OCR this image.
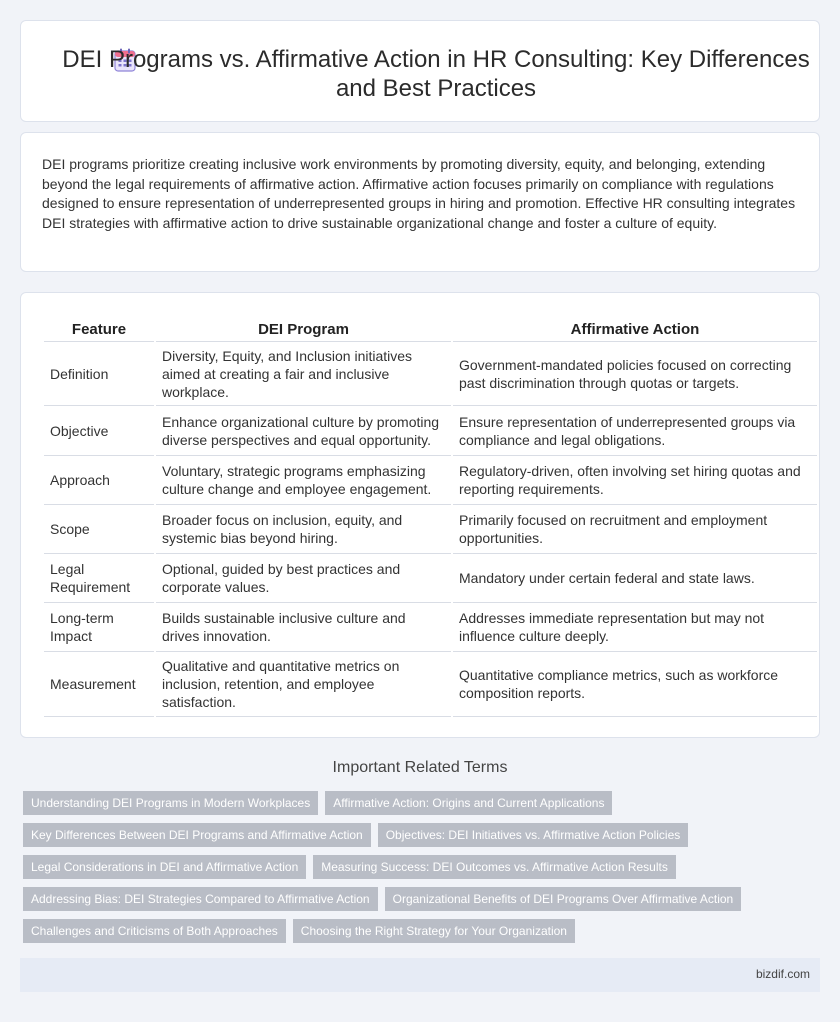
DEI Programs vs. Affirmative Action in HR Consulting: Key Differences and Best Practices

DEI programs prioritize creating inclusive work environments by promoting diversity, equity, and belonging, extending beyond the legal requirements of affirmative action. Affirmative action focuses primarily on compliance with regulations designed to ensure representation of underrepresented groups in hiring and promotion. Effective HR consulting integrates DEI strategies with affirmative action to drive sustainable organizational change and foster a culture of equity.

Feature	DEI Program	Affirmative Action
Definition	Diversity, Equity, and Inclusion initiatives aimed at creating a fair and inclusive workplace.	Government-mandated policies focused on correcting past discrimination through quotas or targets.
Objective	Enhance organizational culture by promoting diverse perspectives and equal opportunity.	Ensure representation of underrepresented groups via compliance and legal obligations.
Approach	Voluntary, strategic programs emphasizing culture change and employee engagement.	Regulatory-driven, often involving set hiring quotas and reporting requirements.
Scope	Broader focus on inclusion, equity, and systemic bias beyond hiring.	Primarily focused on recruitment and employment opportunities.
Legal Requirement	Optional, guided by best practices and corporate values.	Mandatory under certain federal and state laws.
Long-term Impact	Builds sustainable inclusive culture and drives innovation.	Addresses immediate representation but may not influence culture deeply.
Measurement	Qualitative and quantitative metrics on inclusion, retention, and employee satisfaction.	Quantitative compliance metrics, such as workforce composition reports.
Important Related Terms
Understanding DEI Programs in Modern Workplaces	Affirmative Action: Origins and Current Applications
Key Differences Between DEI Programs and Affirmative Action	Objectives: DEI Initiatives vs. Affirmative Action Policies
Legal Considerations in DEI and Affirmative Action	Measuring Success: DEI Outcomes vs. Affirmative Action Results
Addressing Bias: DEI Strategies Compared to Affirmative Action	Organizational Benefits of DEI Programs Over Affirmative Action
Challenges and Criticisms of Both Approaches	Choosing the Right Strategy for Your Organization
bizdif.com
